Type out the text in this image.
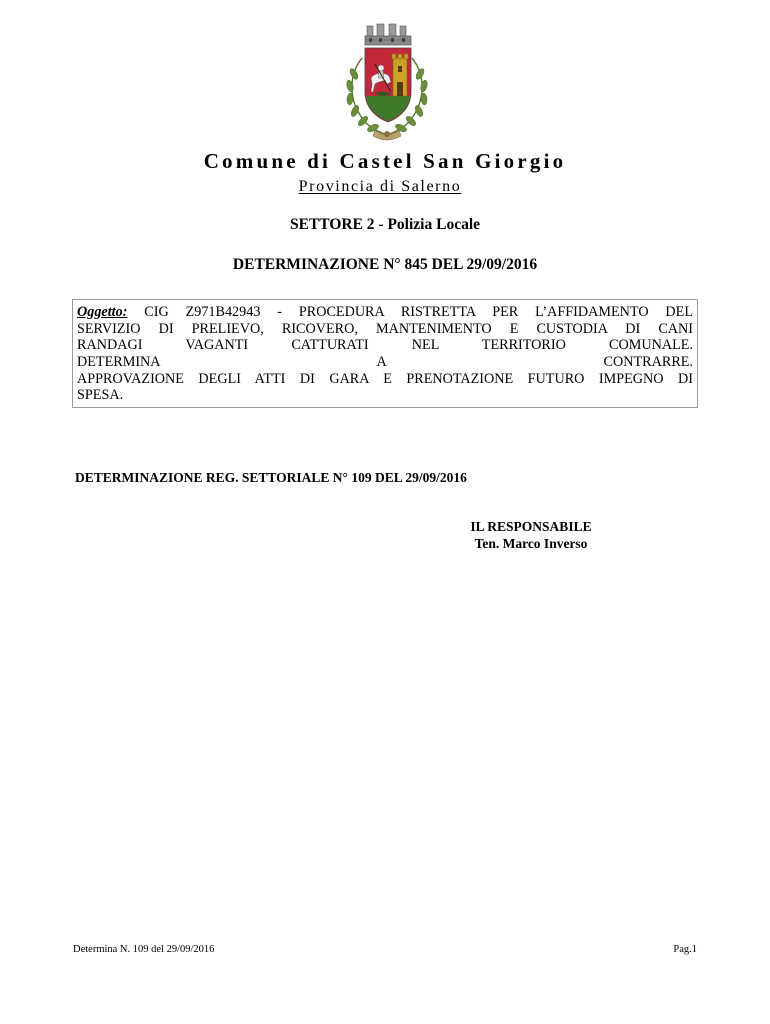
Comune di Castel San Giorgio
Provincia di Salerno
SETTORE 2 - Polizia Locale
DETERMINAZIONE N° 845 DEL 29/09/2016
Oggetto: CIG Z971B42943 - PROCEDURA RISTRETTA PER L’AFFIDAMENTO DEL
SERVIZIO DI PRELIEVO, RICOVERO, MANTENIMENTO E CUSTODIA DI CANI
RANDAGI VAGANTI CATTURATI NEL TERRITORIO COMUNALE.
DETERMINA A CONTRARRE.
APPROVAZIONE DEGLI ATTI DI GARA E PRENOTAZIONE FUTURO IMPEGNO DI
SPESA.
DETERMINAZIONE REG. SETTORIALE N° 109 DEL 29/09/2016
IL RESPONSABILE
Ten. Marco Inverso
Determina N. 109 del 29/09/2016	Pag.1
